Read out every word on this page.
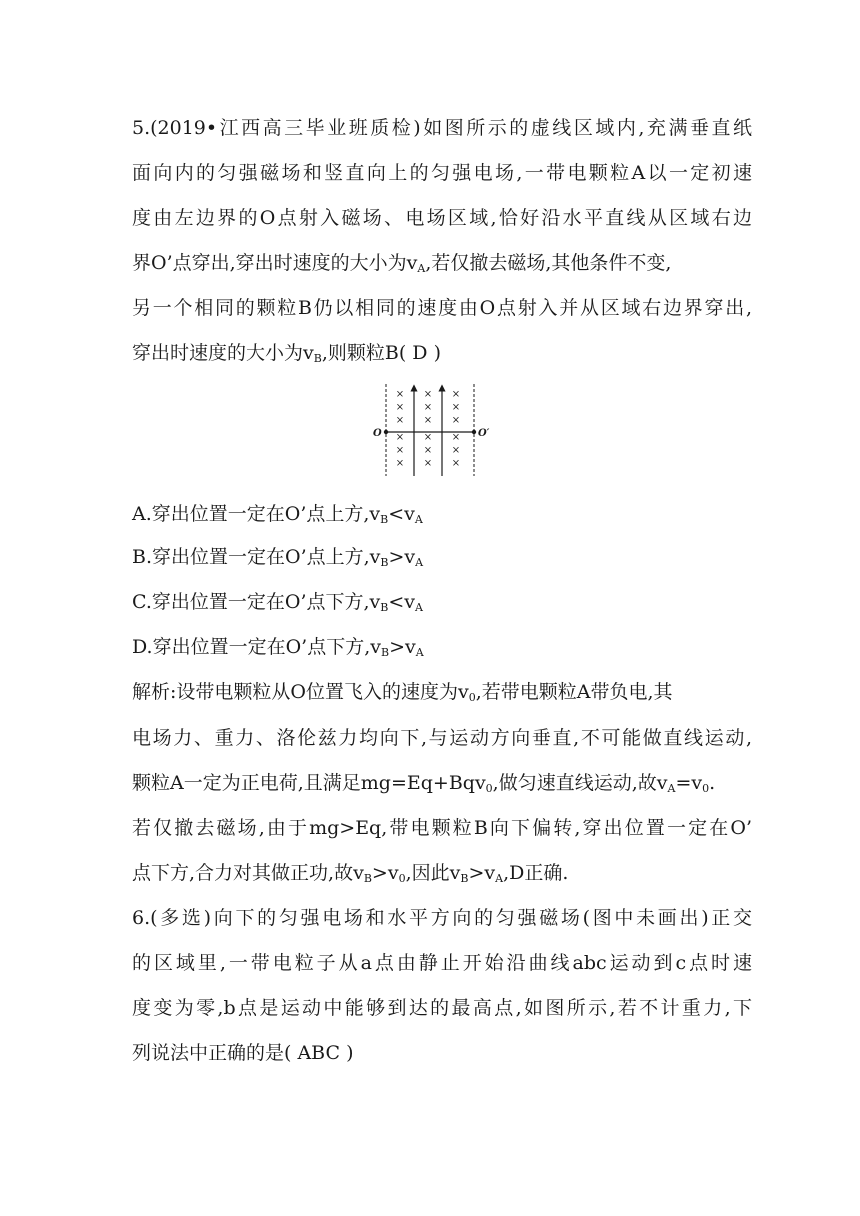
5.(2019•江西高三毕业班质检)如图所示的虚线区域内,充满垂直纸
面向内的匀强磁场和竖直向上的匀强电场,一带电颗粒A以一定初速
度由左边界的O点射入磁场、电场区域,恰好沿水平直线从区域右边
界O’点穿出,穿出时速度的大小为$v_A$,若仅撤去磁场,其他条件不变,
另一个相同的颗粒B仍以相同的速度由O点射入并从区域右边界穿出,
穿出时速度的大小为$v_B$,则颗粒B( D )
O	O′
×
×
×
×
×
×
×
×
×
×
×
×
×
×
×
×
×
×
A.穿出位置一定在O’点上方$,v_B<v_A$
B.穿出位置一定在O’点上方$,v_B>v_A$
C.穿出位置一定在O’点下方$,v_B<v_A$
D.穿出位置一定在O’点下方$,v_B>v_A$
解析:设带电颗粒从O位置飞入的速度为$v_0$,若带电颗粒A带负电,其
电场力、重力、洛伦兹力均向下,与运动方向垂直,不可能做直线运动,
颗粒A一定为正电荷,且满足mg=Eq+Bqv$_0$,做匀速直线运动,故$v_A=v_0$.
若仅撤去磁场,由于mg>Eq,带电颗粒B向下偏转,穿出位置一定在O’
点下方,合力对其做正功,故$v_B>v_0$,因此$v_B>v_A,D$正确.
6.(多选)向下的匀强电场和水平方向的匀强磁场(图中未画出)正交
的区域里,一带电粒子从a点由静止开始沿曲线abc运动到c点时速
度变为零,b点是运动中能够到达的最高点,如图所示,若不计重力,下
列说法中正确的是( ABC )
